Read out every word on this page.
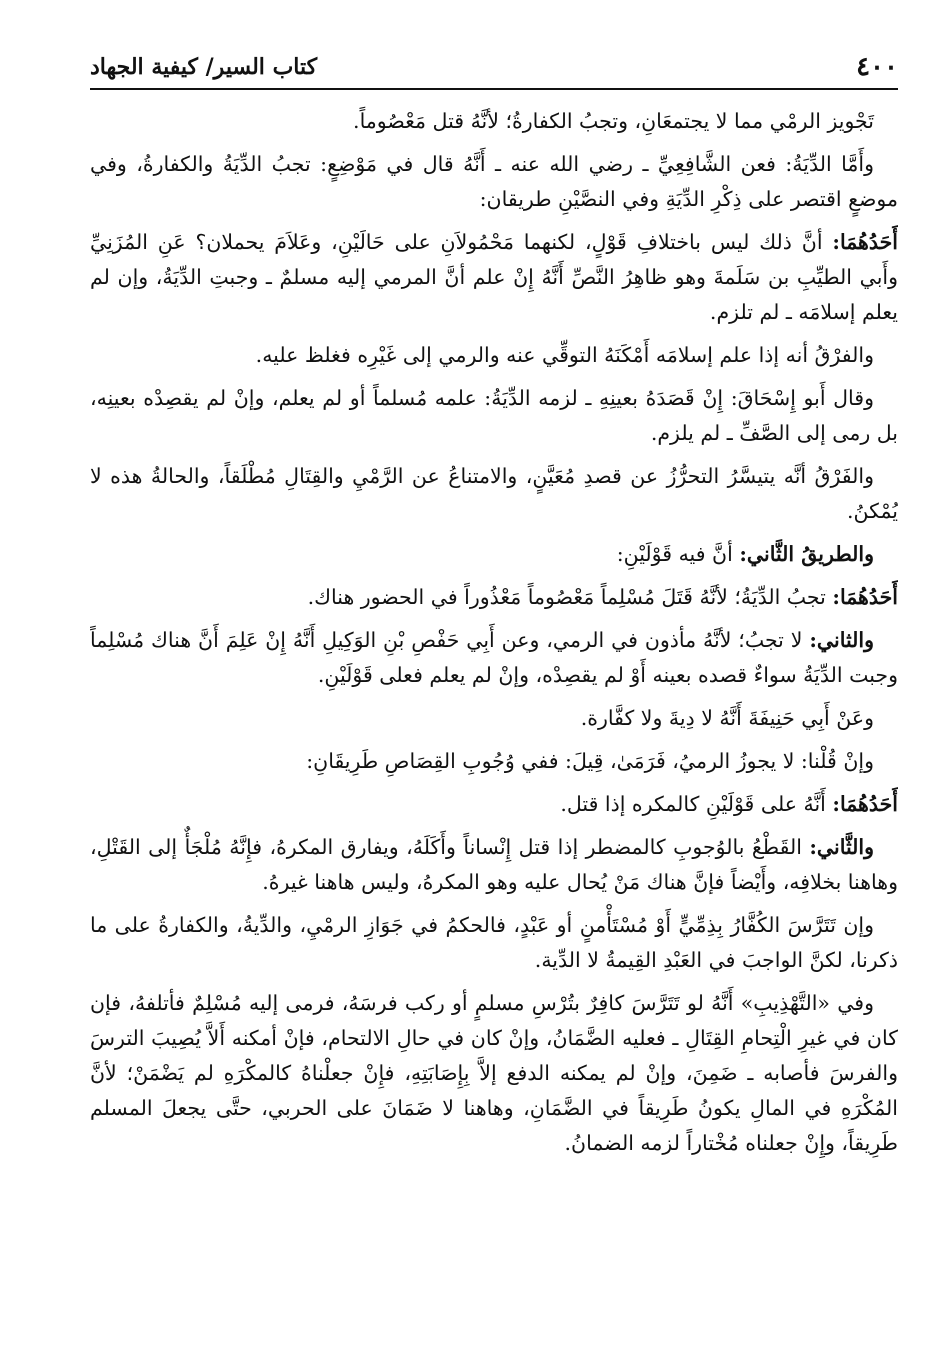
٤٠٠
كتاب السير/ كيفية الجهاد

تَجْويز الرمْي مما لا يجتمعَانِ، وتجبُ الكفارةُ؛ لأنَّهُ قتل مَعْصُوماً.

وأَمَّا الدِّيَةُ: فعن الشَّافِعِيِّ ـ رضي الله عنه ـ أَنَّهُ قال في مَوْضِعٍ: تجبُ الدِّيَةُ والكفارةُ، وفي موضعٍ اقتصر على ذِكْرِ الدِّيَةِ وفي النصَّيْنِ طريقان:

أَحَدُهُمَا: أنَّ ذلك ليس باختلافِ قَوْلٍ، لكنهما مَحْمُولاَنِ على حَالَيْنِ، وعَلاَمَ يحملان؟ عَنِ المُزَنِيِّ وأَبي الطيِّبِ بن سَلَمةَ وهو ظاهِرُ النَّصِّ أَنَّهُ إِنْ علم أنَّ المرمي إليه مسلمٌ ـ وجبتِ الدِّيَةُ، وإن لم يعلم إسلامَه ـ لم تلزم.

والفرْقُ أنه إذا علم إسلامَه أَمْكَنَهُ التوقِّي عنه والرمي إلى غَيْرِه فغلظ عليه.

وقال أَبو إِسْحَاقَ: إِنْ قَصَدَهُ بعينِهِ ـ لزمه الدِّيَةُ: علمه مُسلماً أو لم يعلم، وإنْ لم يقصِدْه بعينِه، بل رمى إلى الصَّفِّ ـ لم يلزم.

والفَرْقُ أنَّه يتيسَّرُ التحرُّزُ عن قصدِ مُعَيَّنٍ، والامتناعُ عن الرَّمْيِ والقِتَالِ مُطْلَقاً، والحالةُ هذه لا يُمْكنُ.

والطريقُ الثَّاني: أنَّ فيه قَوْلَيْنِ:

أَحَدُهُمَا: تجبُ الدِّيَةُ؛ لأنَّهُ قَتَلَ مُسْلِماً مَعْصُوماً مَعْذُوراً في الحضور هناك.

والثاني: لا تجبُ؛ لأنَّهُ مأذون في الرمي، وعن أَبِي حَفْصِ بْنِ الوَكِيلِ أَنَّهُ إِنْ عَلِمَ أَنَّ هناك مُسْلِماً وجبت الدِّيَةُ سواءٌ قصده بعينه أَوْ لم يقصِدْه، وإنْ لم يعلم فعلى قَوْلَيْنِ.

وعَنْ أَبِي حَنِيفَةَ أَنَّهُ لا دِيةَ ولا كفَّارة.

وإنْ قُلْنا: لا يجوزُ الرميُ، فَرَمَىٰ، قِيلَ: ففي وُجُوبِ القِصَاصِ طَرِيقَانِ:

أَحَدُهُمَا: أَنَّهُ على قَوْلَيْنِ كالمكره إذا قتل.

والثَّاني: القَطْعُ بالوُجوبِ كالمضطر إذا قتل إِنْساناً وأَكَلَهُ، ويفارق المكرهُ، فإِنَّهُ مُلْجَأٌ إلى القَتْلِ، وهاهنا بخلافِه، وأَيْضاً فإنَّ هناك مَنْ يُحال عليه وهو المكرهُ، وليس هاهنا غيرهُ.

وإن تَتَرَّسَ الكُفَّارُ بِذِمِّيٍّ أَوْ مُسْتَأْمنٍ أو عَبْدٍ، فالحكمُ في جَوَازِ الرمْيِ، والدِّيةُ، والكفارةُ على ما ذكرنا، لكنَّ الواجبَ في العَبْدِ القِيمةُ لا الدِّية.

وفي «التَّهْذِيبِ» أَنَّهُ لو تَتَرَّسَ كافِرٌ بتُرْسِ مسلمٍ أو ركب فرسَهُ، فرمى إليه مُسْلِمٌ فأتلفهُ، فإن كان في غيرِ الْتِحامِ القِتَالِ ـ فعليه الضَّمَانُ، وإنْ كان في حالِ الالتحام، فإنْ أمكنه أَلاَّ يُصِيبَ الترسَ والفرسَ فأصابه ـ ضَمِنَ، وإنْ لم يمكنه الدفع إلاَّ بِإِصَابَتِهِ، فإِنْ جعلْناهُ كالمكْرَهِ لم يَضْمَنْ؛ لأنَّ المُكْرَهِ في المالِ يكونُ طَرِيقاً في الضَّمَانِ، وهاهنا لا ضَمَانَ على الحربي، حتَّى يجعلَ المسلم طَرِيقاً، وإِنْ جعلناه مُخْتاراً لزمه الضمانُ.
